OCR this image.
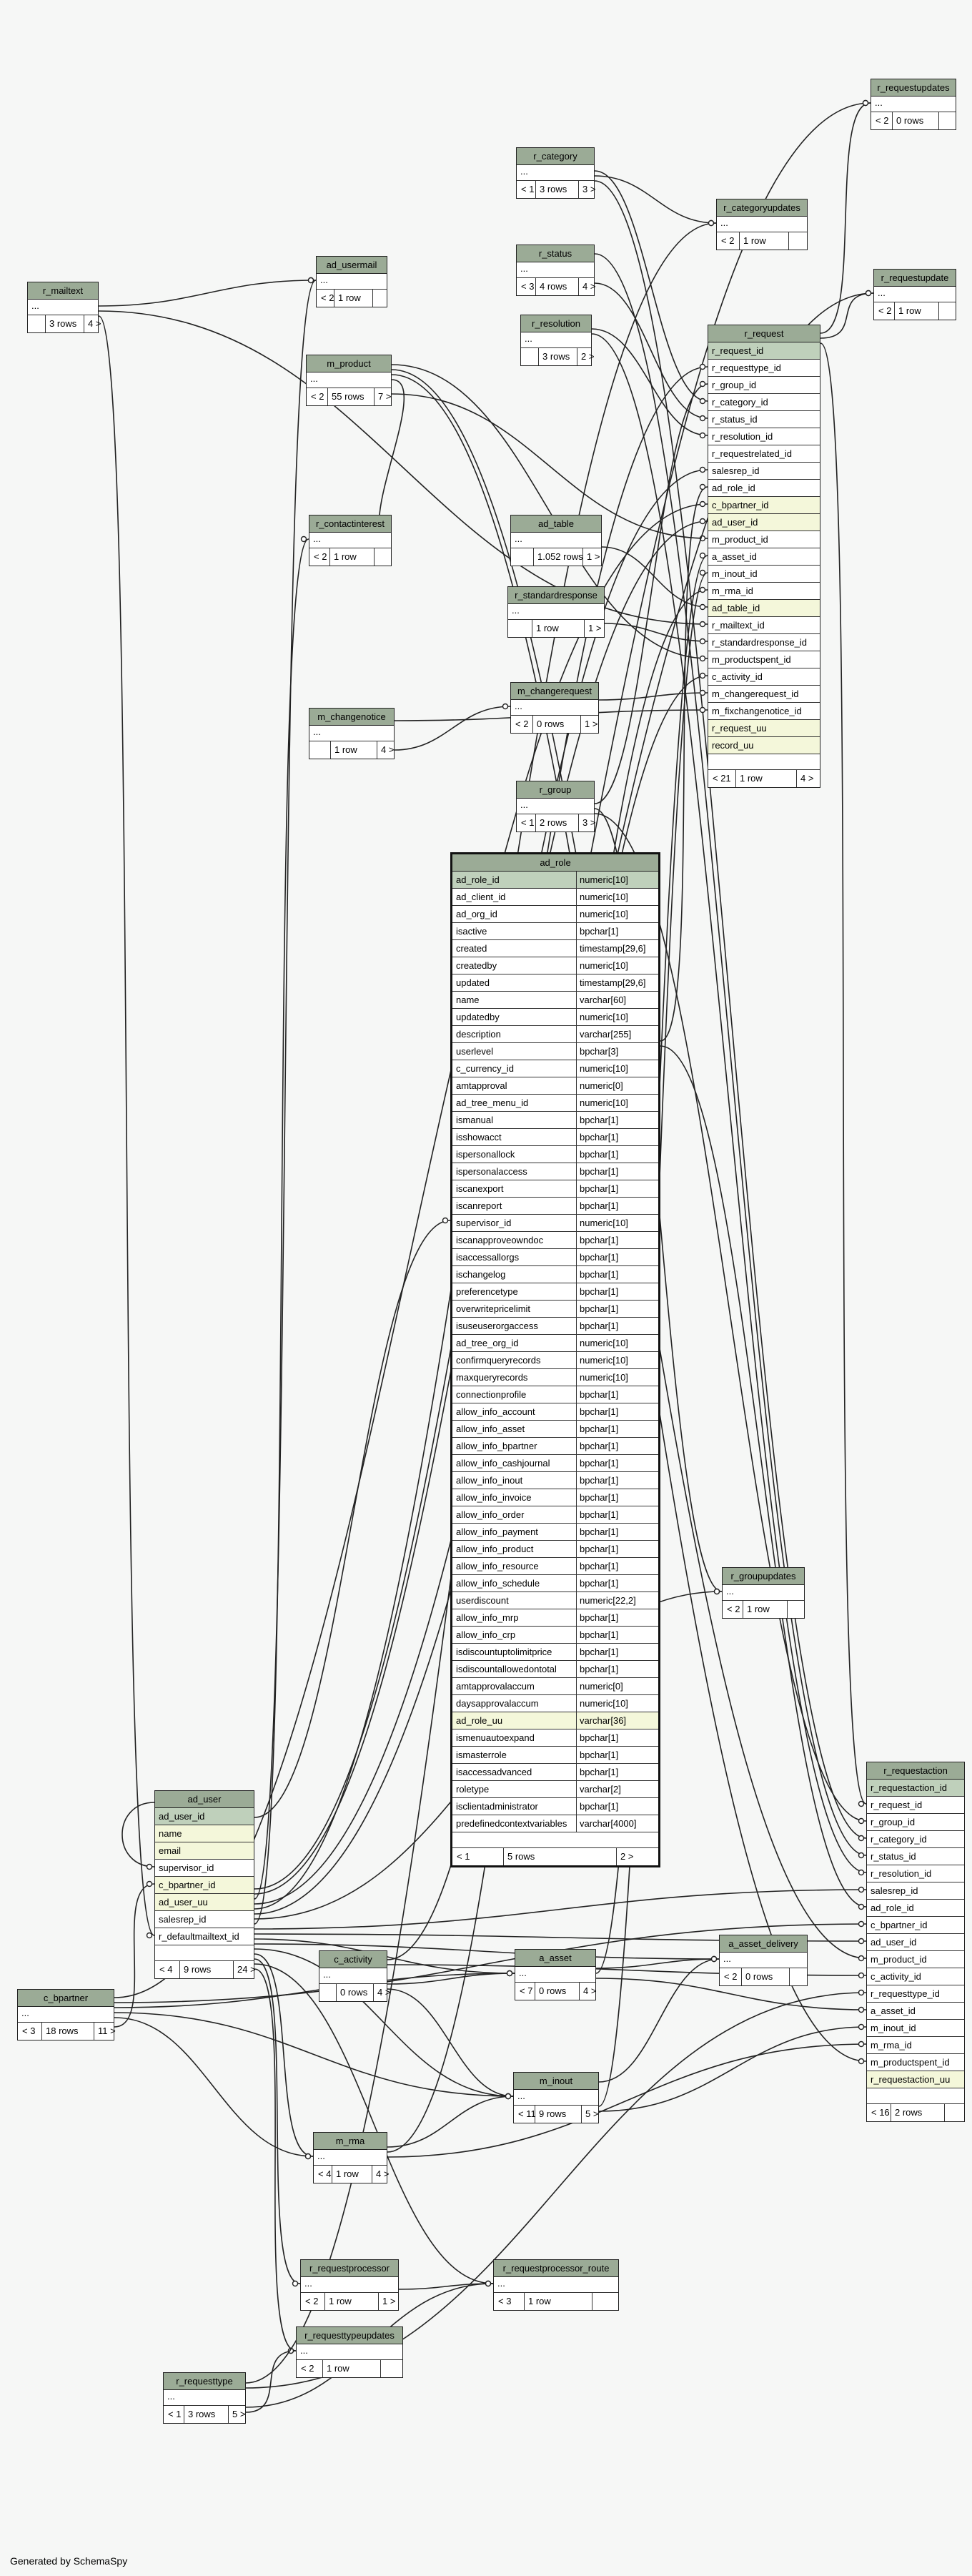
r_requestupdates
...
< 2 0 rows
r_category
...
< 1 3 rows 3 >
r_categoryupdates
...
< 2 1 row
r_requestupdate
...
< 2 1 row
r_mailtext
...
3 rows 4 >
ad_usermail
...
< 2 1 row
r_status
...
< 3 4 rows 4 >
r_resolution
...
3 rows 2 >
m_product
...
< 2 55 rows 7 >
r_request
r_request_id
r_requesttype_id
r_group_id
r_category_id
r_status_id
r_resolution_id
r_requestrelated_id
salesrep_id
ad_role_id
c_bpartner_id
ad_user_id
m_product_id
a_asset_id
m_inout_id
m_rma_id
ad_table_id
r_mailtext_id
r_standardresponse_id
m_productspent_id
c_activity_id
m_changerequest_id
m_fixchangenotice_id
r_request_uu
record_uu
< 21 1 row	4 >
r_contactinterest
...
< 2 1 row
ad_table
...
1.052 rows 1 >
r_standardresponse
...
1 row	1 >
m_changenotice
...
1 row	4 >
m_changerequest
...
< 2 0 rows 1 >
r_group
...
< 1 2 rows 3 >
ad_role
ad_role_id	numeric[10]
ad_client_id	numeric[10]
ad_org_id	numeric[10]
isactive	bpchar[1]
created	timestamp[29,6]
createdby	numeric[10]
updated	timestamp[29,6]
name	varchar[60]
updatedby	numeric[10]
description	varchar[255]
userlevel	bpchar[3]
c_currency_id	numeric[10]
amtapproval	numeric[0]
ad_tree_menu_id	numeric[10]
ismanual	bpchar[1]
isshowacct	bpchar[1]
ispersonallock	bpchar[1]
ispersonalaccess	bpchar[1]
iscanexport	bpchar[1]
iscanreport	bpchar[1]
supervisor_id	numeric[10]
iscanapproveowndoc	bpchar[1]
isaccessallorgs	bpchar[1]
ischangelog	bpchar[1]
preferencetype	bpchar[1]
overwritepricelimit	bpchar[1]
isuseuserorgaccess	bpchar[1]
ad_tree_org_id	numeric[10]
confirmqueryrecords	numeric[10]
maxqueryrecords	numeric[10]
connectionprofile	bpchar[1]
allow_info_account	bpchar[1]
allow_info_asset	bpchar[1]
allow_info_bpartner	bpchar[1]
allow_info_cashjournal	bpchar[1]
allow_info_inout	bpchar[1]
allow_info_invoice	bpchar[1]
allow_info_order	bpchar[1]
allow_info_payment	bpchar[1]
allow_info_product	bpchar[1]
allow_info_resource	bpchar[1]
allow_info_schedule	bpchar[1]
userdiscount	numeric[22,2]
allow_info_mrp	bpchar[1]
allow_info_crp	bpchar[1]
isdiscountuptolimitprice	bpchar[1]
isdiscountallowedontotal bpchar[1]
amtapprovalaccum	numeric[0]
daysapprovalaccum	numeric[10]
ad_role_uu	varchar[36]
ismenuautoexpand	bpchar[1]
ismasterrole	bpchar[1]
isaccessadvanced	bpchar[1]
roletype	varchar[2]
isclientadministrator	bpchar[1]
predefinedcontextvariables varchar[4000]
< 1	5 rows	2 >
r_groupupdates
...
< 2 1 row
ad_user
ad_user_id
name
email
supervisor_id
c_bpartner_id
ad_user_uu
salesrep_id
r_defaultmailtext_id
< 4 9 rows	24 >
r_requestaction
r_requestaction_id
r_request_id
r_group_id
r_category_id
r_status_id
r_resolution_id
salesrep_id
ad_role_id
c_bpartner_id
ad_user_id
m_product_id
c_activity_id
r_requesttype_id
a_asset_id
m_inout_id
m_rma_id
m_productspent_id
r_requestaction_uu
< 16 2 rows
c_bpartner
...
< 3 18 rows 11 >
c_activity
...
0 rows 4 >
a_asset
...
< 7 0 rows 4 >
a_asset_delivery
...
< 2 0 rows
m_inout
...
< 11 9 rows 5 >
m_rma
...
< 4 1 row 4 >
r_requestprocessor
...
< 2 1 row	1 >
r_requestprocessor_route
...
< 3 1 row
r_requesttypeupdates
...
< 2 1 row
r_requesttype
...
< 1 3 rows 5 >
Generated by SchemaSpy
